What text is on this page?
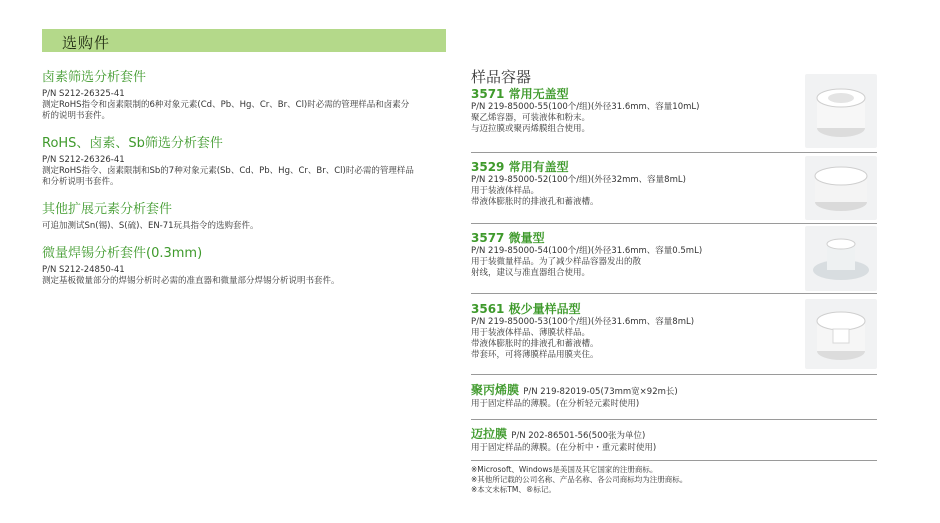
选购件
卤素筛选分析套件
P/N S212-26325-41
测定RoHS指令和卤素限制的6种对象元素(Cd、Pb、Hg、Cr、Br、Cl)时必需的管理样品和卤素分
析的说明书套件。
RoHS、卤素、Sb筛选分析套件
P/N S212-26326-41
测定RoHS指令、卤素限制和Sb的7种对象元素(Sb、Cd、Pb、Hg、Cr、Br、Cl)时必需的管理样品
和分析说明书套件。
其他扩展元素分析套件
可追加测试Sn(锡)、S(硫)、EN-71玩具指令的选购套件。
微量焊锡分析套件(0.3mm)
P/N S212-24850-41
测定基板微量部分的焊锡分析时必需的准直器和微量部分焊锡分析说明书套件。
样品容器
3571 常用无盖型
P/N 219-85000-55(100个/组)(外径31.6mm、容量10mL)
聚乙烯容器，可装液体和粉末。
与迈拉膜或聚丙烯膜组合使用。
3529 常用有盖型
P/N 219-85000-52(100个/组)(外径32mm、容量8mL)
用于装液体样品。
带液体膨胀时的排液孔和蓄液槽。
3577 微量型
P/N 219-85000-54(100个/组)(外径31.6mm、容量0.5mL)
用于装微量样品。为了减少样品容器发出的散
射线，建议与准直器组合使用。
3561 极少量样品型
P/N 219-85000-53(100个/组)(外径31.6mm、容量8mL)
用于装液体样品、薄膜状样品。
带液体膨胀时的排液孔和蓄液槽。
带套环，可将薄膜样品用膜夹住。
聚丙烯膜 P/N 219-82019-05(73mm宽×92m长)
用于固定样品的薄膜。(在分析轻元素时使用)
迈拉膜 P/N 202-86501-56(500张为单位)
用于固定样品的薄膜。(在分析中・重元素时使用)
※Microsoft、Windows是美国及其它国家的注册商标。
※其他所记载的公司名称、产品名称、各公司商标均为注册商标。
※本文未标TM、®标记。
